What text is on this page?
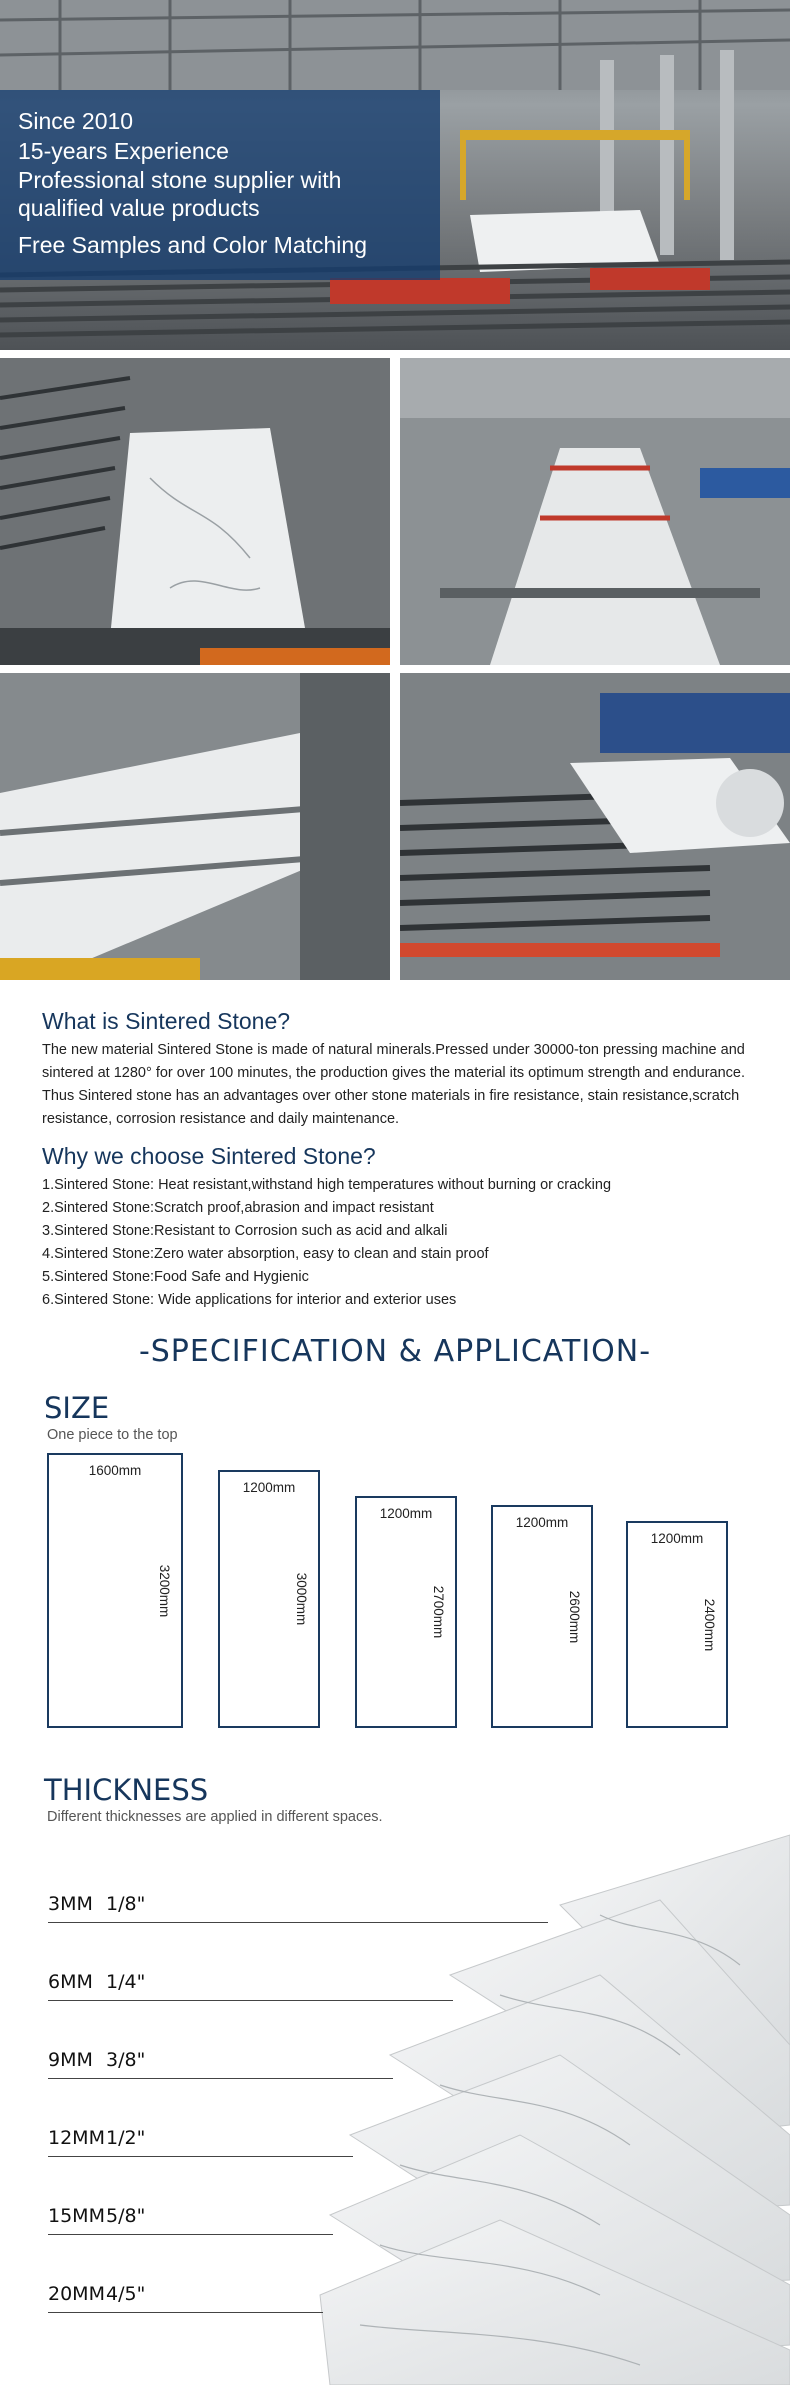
Since 2010
15-years Experience
Professional stone supplier with
qualified value products
Free Samples and Color Matching
What is Sintered Stone?

The new material Sintered Stone is made of natural minerals.Pressed under 30000-ton pressing machine and sintered at 1280° for over 100 minutes, the production gives the material its optimum strength and endurance. Thus Sintered stone has an advantages over other stone materials in fire resistance, stain resistance,scratch resistance, corrosion resistance and daily maintenance.

Why we choose Sintered Stone?
1.Sintered Stone: Heat resistant,withstand high temperatures without burning or cracking
2.Sintered Stone:Scratch proof,abrasion and impact resistant
3.Sintered Stone:Resistant to Corrosion such as acid and alkali
4.Sintered Stone:Zero water absorption, easy to clean and stain proof
5.Sintered Stone:Food Safe and Hygienic
6.Sintered Stone: Wide applications for interior and exterior uses
-SPECIFICATION & APPLICATION-
SIZE
One piece to the top
1600mm
3200mm
1200mm
3000mm
1200mm
2700mm
1200mm
2600mm
1200mm
2400mm
THICKNESS
Different thicknesses are applied in different spaces.
3MM 1/8"
6MM 1/4"
9MM 3/8"
12MM1/2"
15MM5/8"
20MM4/5"
